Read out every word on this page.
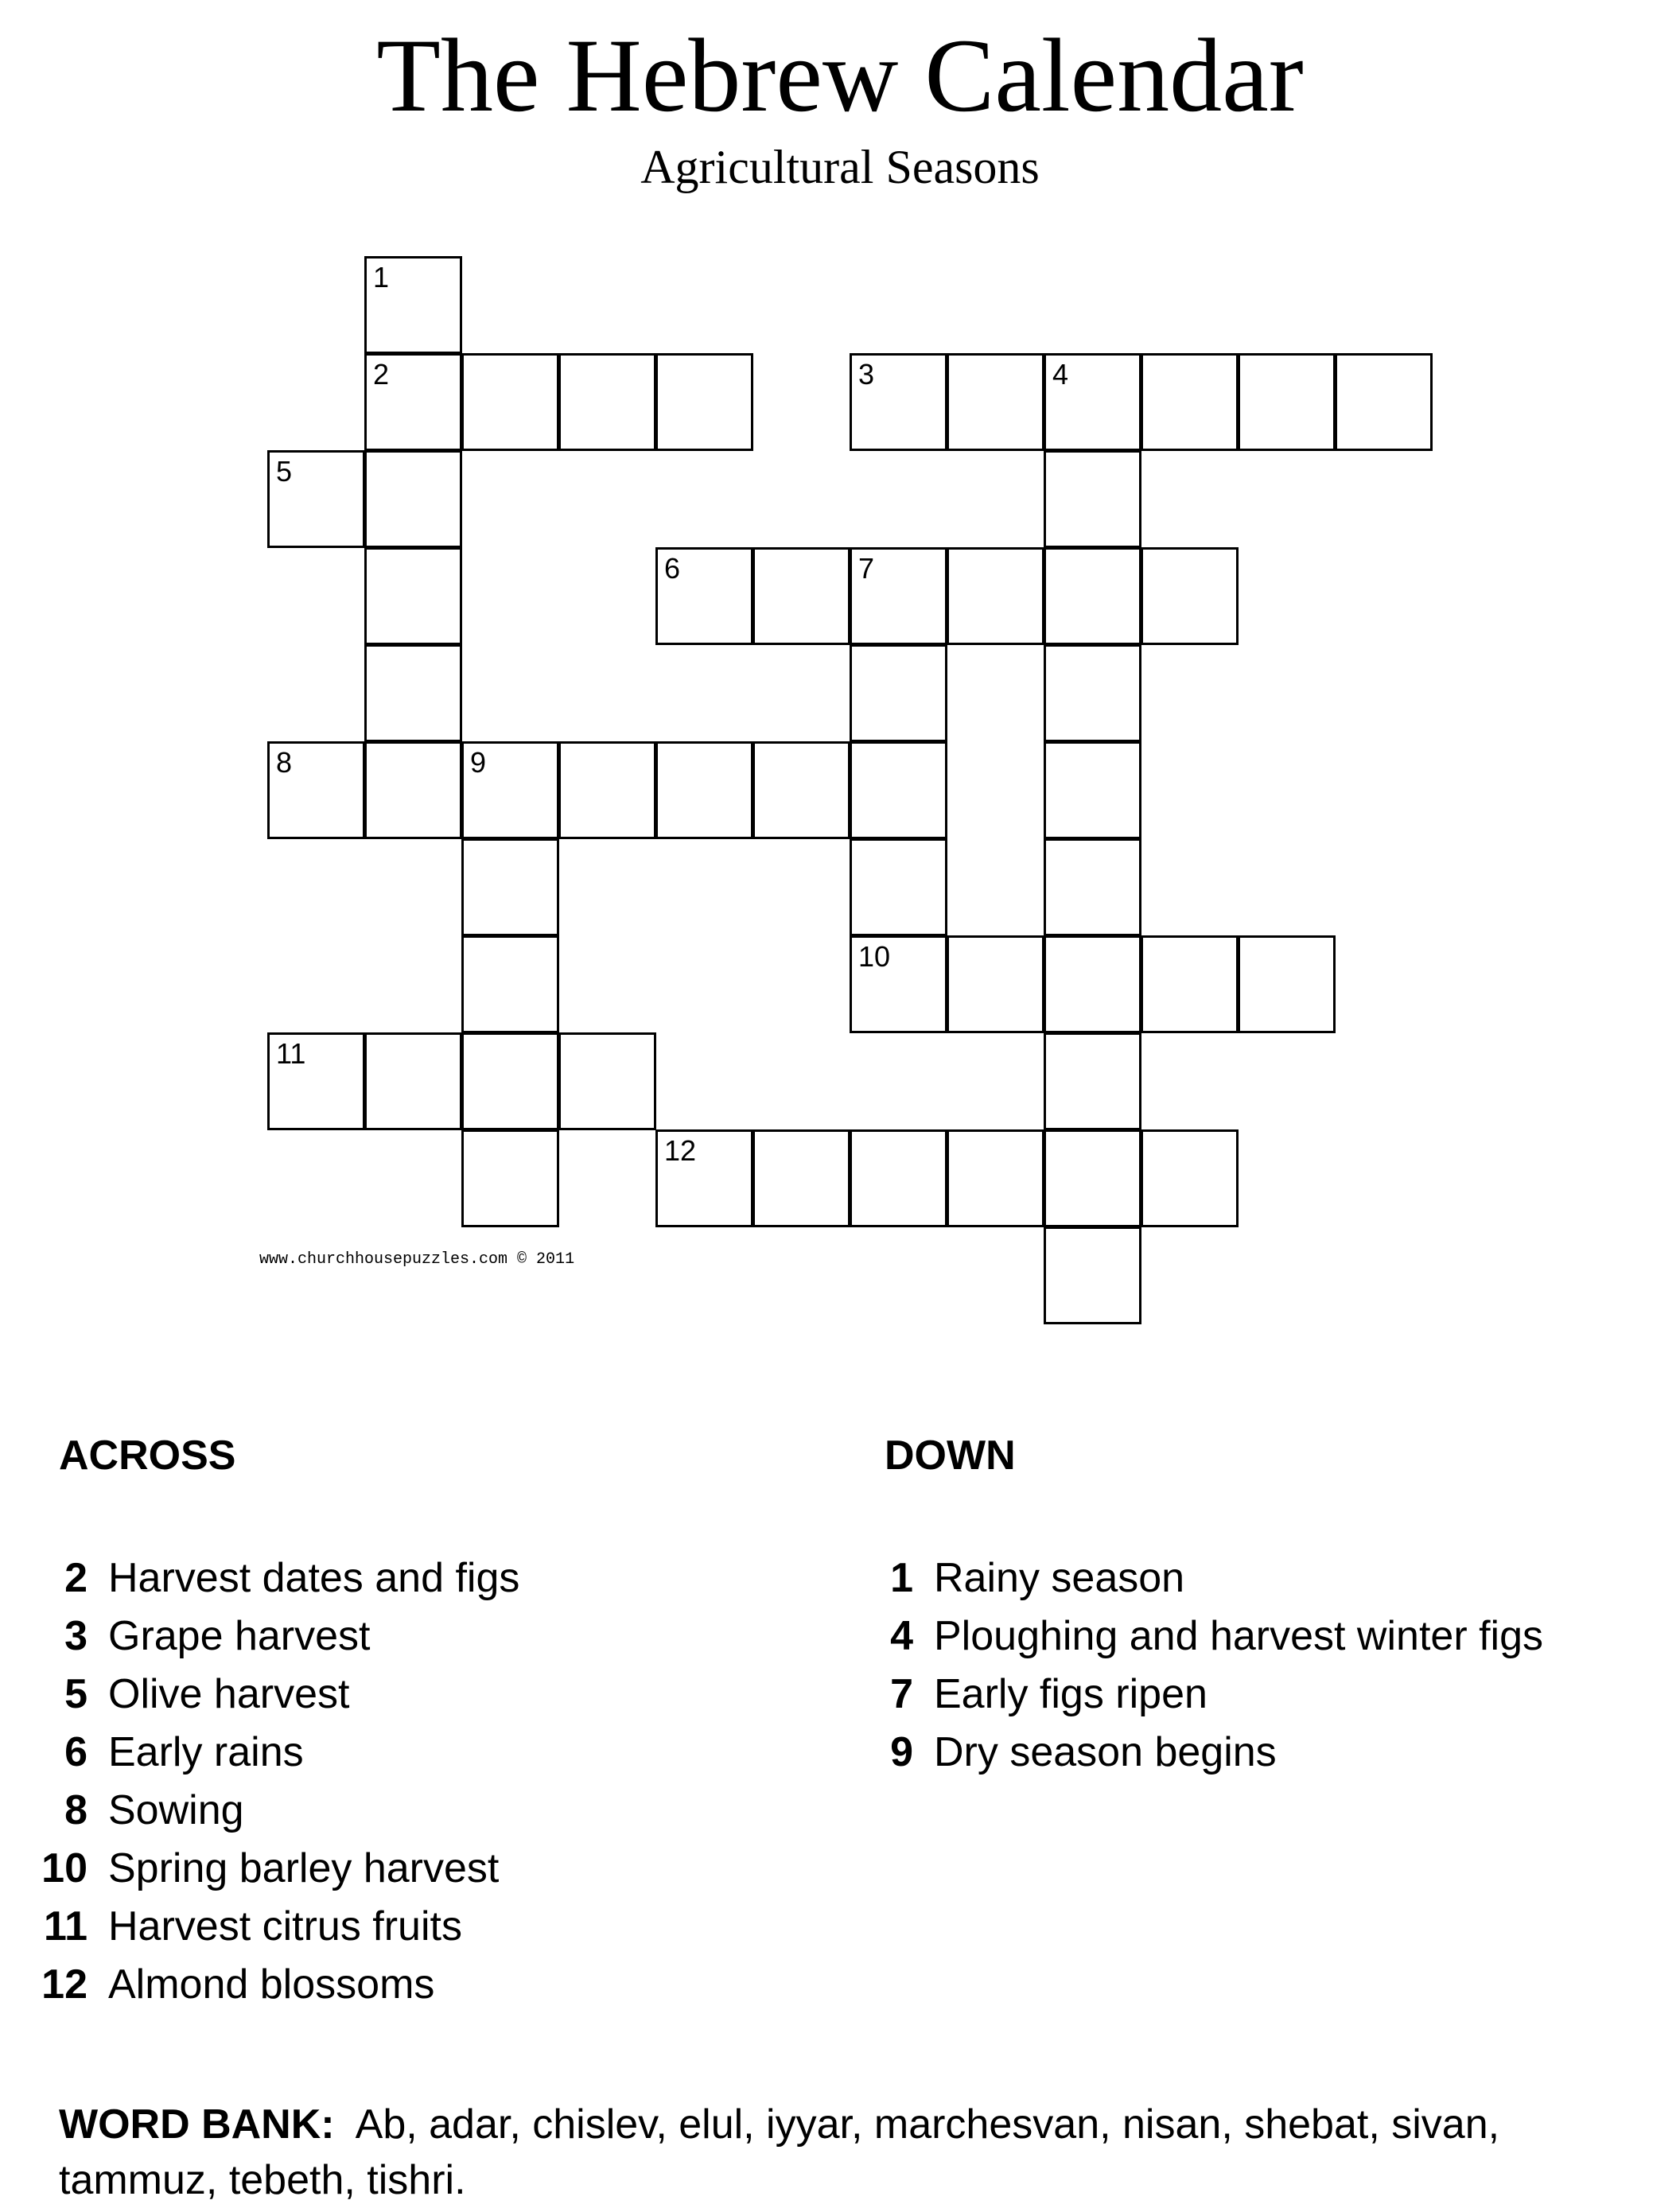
The Hebrew Calendar
Agricultural Seasons
1
2	3	4
5
6	7
8	9
10
11
12
www.churchhousepuzzles.com © 2011
ACROSS	DOWN
2 Harvest dates and figs
3 Grape harvest
5 Olive harvest
6 Early rains
8 Sowing
10 Spring barley harvest
11 Harvest citrus fruits
12 Almond blossoms
1 Rainy season
4 Ploughing and harvest winter figs
7 Early figs ripen
9 Dry season begins
WORD BANK: Ab, adar, chislev, elul, iyyar, marchesvan, nisan, shebat, sivan, tammuz, tebeth, tishri.
